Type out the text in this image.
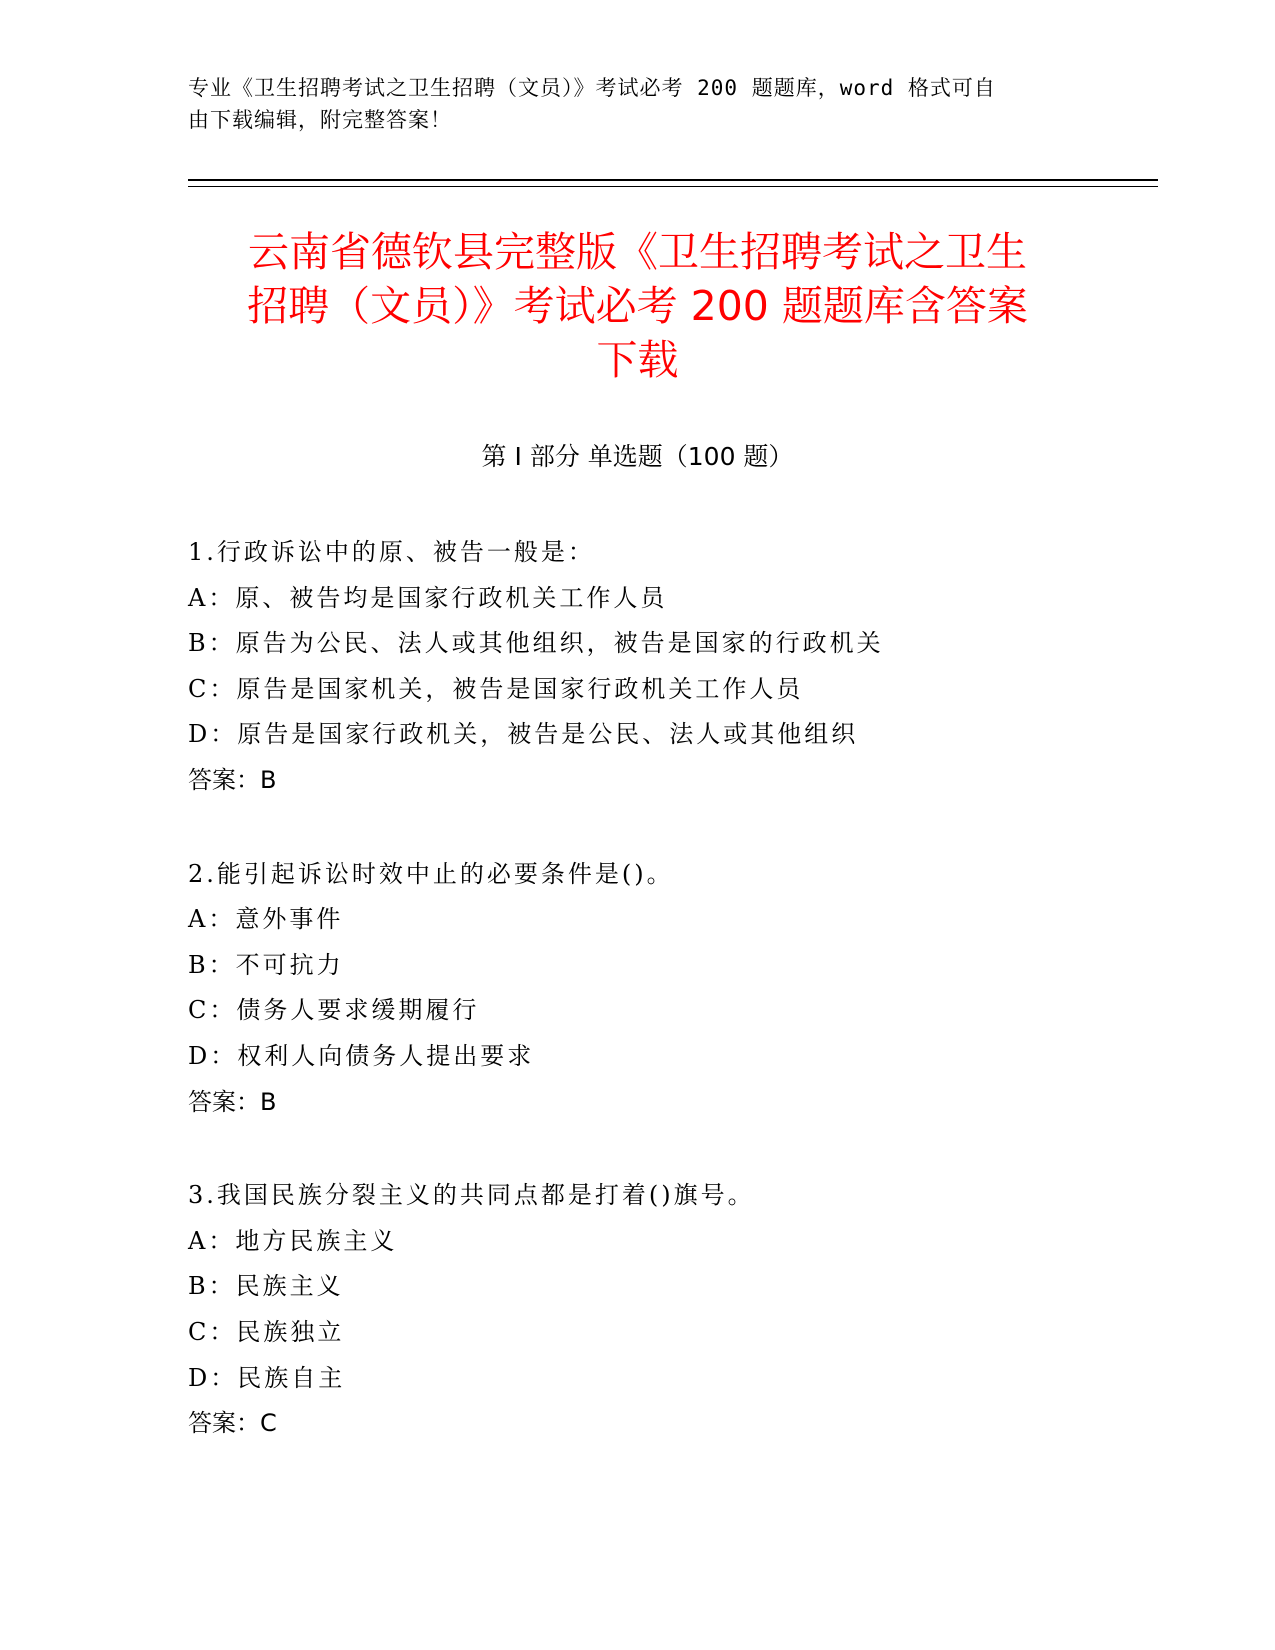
专业《卫生招聘考试之卫生招聘（文员）》考试必考 200 题题库，word 格式可自
由下载编辑，附完整答案！
云南省德钦县完整版《卫生招聘考试之卫生
招聘（文员）》考试必考 200 题题库含答案
下载
第 I 部分 单选题（100 题）
1.行政诉讼中的原、被告一般是：
A：原、被告均是国家行政机关工作人员
B：原告为公民、法人或其他组织，被告是国家的行政机关
C：原告是国家机关，被告是国家行政机关工作人员
D：原告是国家行政机关，被告是公民、法人或其他组织
答案：B
2.能引起诉讼时效中止的必要条件是()。
A：意外事件
B：不可抗力
C：债务人要求缓期履行
D：权利人向债务人提出要求
答案：B
3.我国民族分裂主义的共同点都是打着()旗号。
A：地方民族主义
B：民族主义
C：民族独立
D：民族自主
答案：C
